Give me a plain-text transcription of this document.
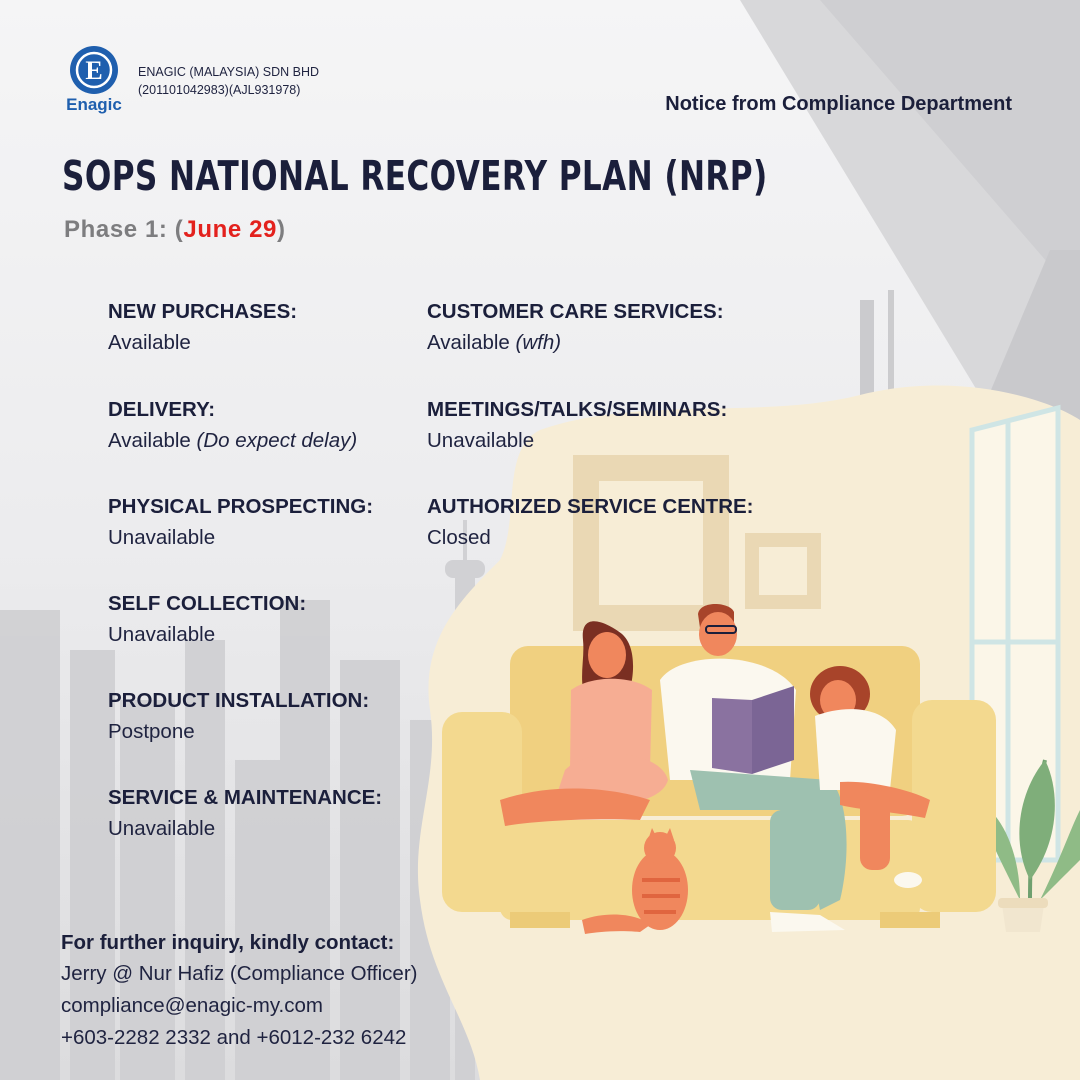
E
Enagic
ENAGIC (MALAYSIA) SDN BHD
(201101042983)(AJL931978)
Notice from Compliance Department
SOPS NATIONAL RECOVERY PLAN (NRP)
Phase 1: (June 29)
NEW PURCHASES:
Available
DELIVERY:
Available (Do expect delay)
PHYSICAL PROSPECTING:
Unavailable
SELF COLLECTION:
Unavailable
PRODUCT INSTALLATION:
Postpone
SERVICE & MAINTENANCE:
Unavailable
CUSTOMER CARE SERVICES:
Available (wfh)
MEETINGS/TALKS/SEMINARS:
Unavailable
AUTHORIZED SERVICE CENTRE:
Closed
For further inquiry, kindly contact:
Jerry @ Nur Hafiz (Compliance Officer)
compliance@enagic-my.com
+603-2282 2332 and +6012-232 6242
